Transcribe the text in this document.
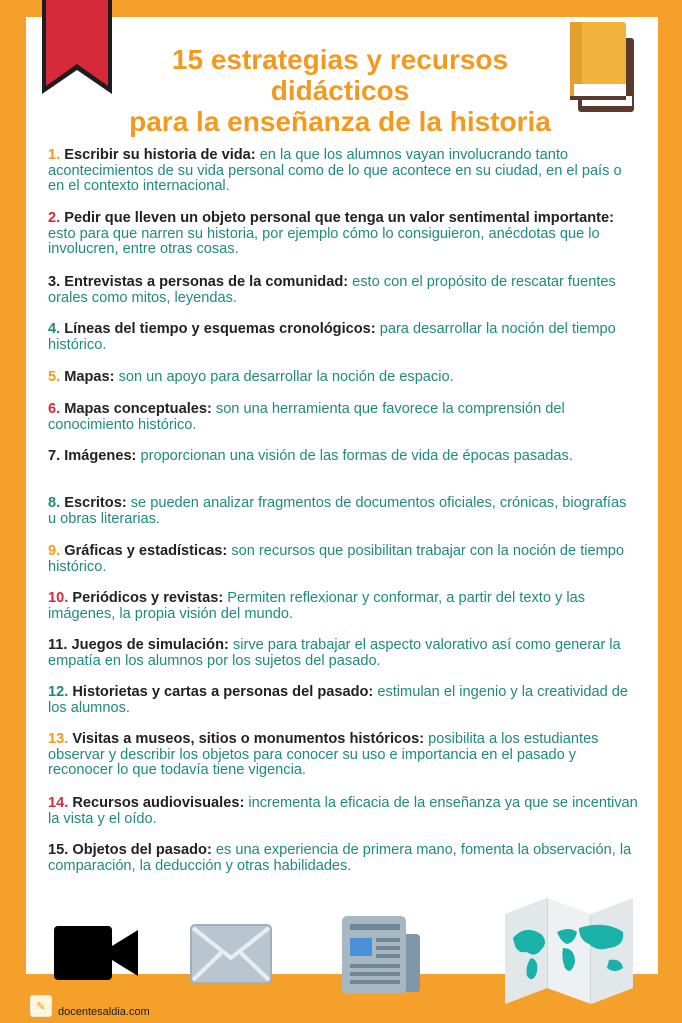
15 estrategias y recursos
didácticos
para la enseñanza de la historia

1. Escribir su historia de vida: en la que los alumnos vayan involucrando tanto acontecimientos de su vida personal como de lo que acontece en su ciudad, en el país o en el contexto internacional.

2. Pedir que lleven un objeto personal que tenga un valor sentimental importante: esto para que narren su historia, por ejemplo cómo lo consiguieron, anécdotas que lo involucren, entre otras cosas.

3. Entrevistas a personas de la comunidad: esto con el propósito de rescatar fuentes orales como mitos, leyendas.

4. Líneas del tiempo y esquemas cronológicos: para desarrollar la noción del tiempo histórico.

5. Mapas: son un apoyo para desarrollar la noción de espacio.

6. Mapas conceptuales: son una herramienta que favorece la comprensión del conocimiento histórico.

7. Imágenes: proporcionan una visión de las formas de vida de épocas pasadas.

8. Escritos: se pueden analizar fragmentos de documentos oficiales, crónicas, biografías u obras literarias.

9. Gráficas y estadísticas: son recursos que posibilitan trabajar con la noción de tiempo histórico.

10. Periódicos y revistas: Permiten reflexionar y conformar, a partir del texto y las imágenes, la propia visión del mundo.

11. Juegos de simulación: sirve para trabajar el aspecto valorativo así como generar la empatía en los alumnos por los sujetos del pasado.

12. Historietas y cartas a personas del pasado: estimulan el ingenio y la creatividad de los alumnos.

13. Visitas a museos, sitios o monumentos históricos: posibilita a los estudiantes observar y describir los objetos para conocer su uso e importancia en el pasado y reconocer lo que todavía tiene vigencia.

14. Recursos audiovisuales: incrementa la eficacia de la enseñanza ya que se incentivan la vista y el oído.

15. Objetos del pasado: es una experiencia de primera mano, fomenta la observación, la comparación, la deducción y otras habilidades.

✎	docentesaldia.com
